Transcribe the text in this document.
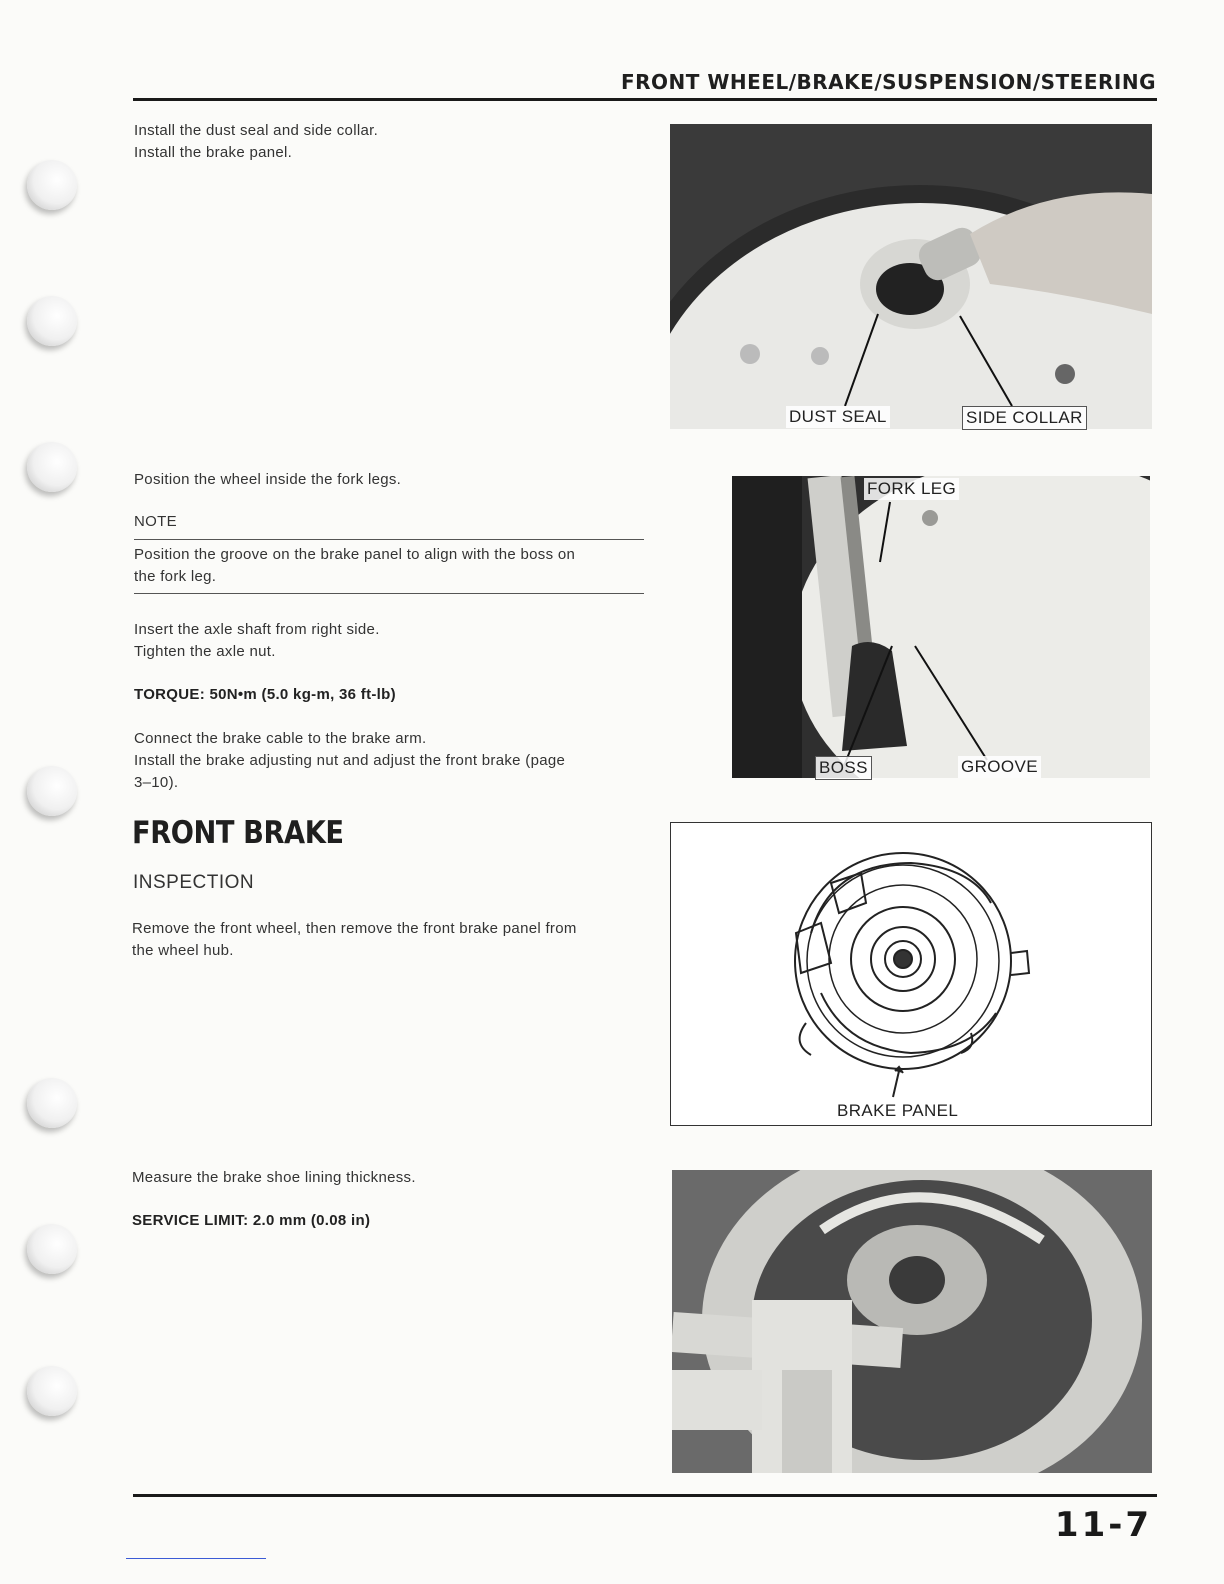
FRONT WHEEL/BRAKE/SUSPENSION/STEERING
Install the dust seal and side collar.
Install the brake panel.
DUST SEAL	SIDE COLLAR
Position the wheel inside the fork legs.
NOTE
Position the groove on the brake panel to align with the boss on
the fork leg.
Insert the axle shaft from right side.
Tighten the axle nut.
TORQUE: 50N•m (5.0 kg-m, 36 ft-lb)
Connect the brake cable to the brake arm.
Install the brake adjusting nut and adjust the front brake (page
3–10).
FORK LEG
BOSS	GROOVE
FRONT BRAKE
INSPECTION
Remove the front wheel, then remove the front brake panel from
the wheel hub.
BRAKE PANEL
Measure the brake shoe lining thickness.
SERVICE LIMIT: 2.0 mm (0.08 in)
11-7
